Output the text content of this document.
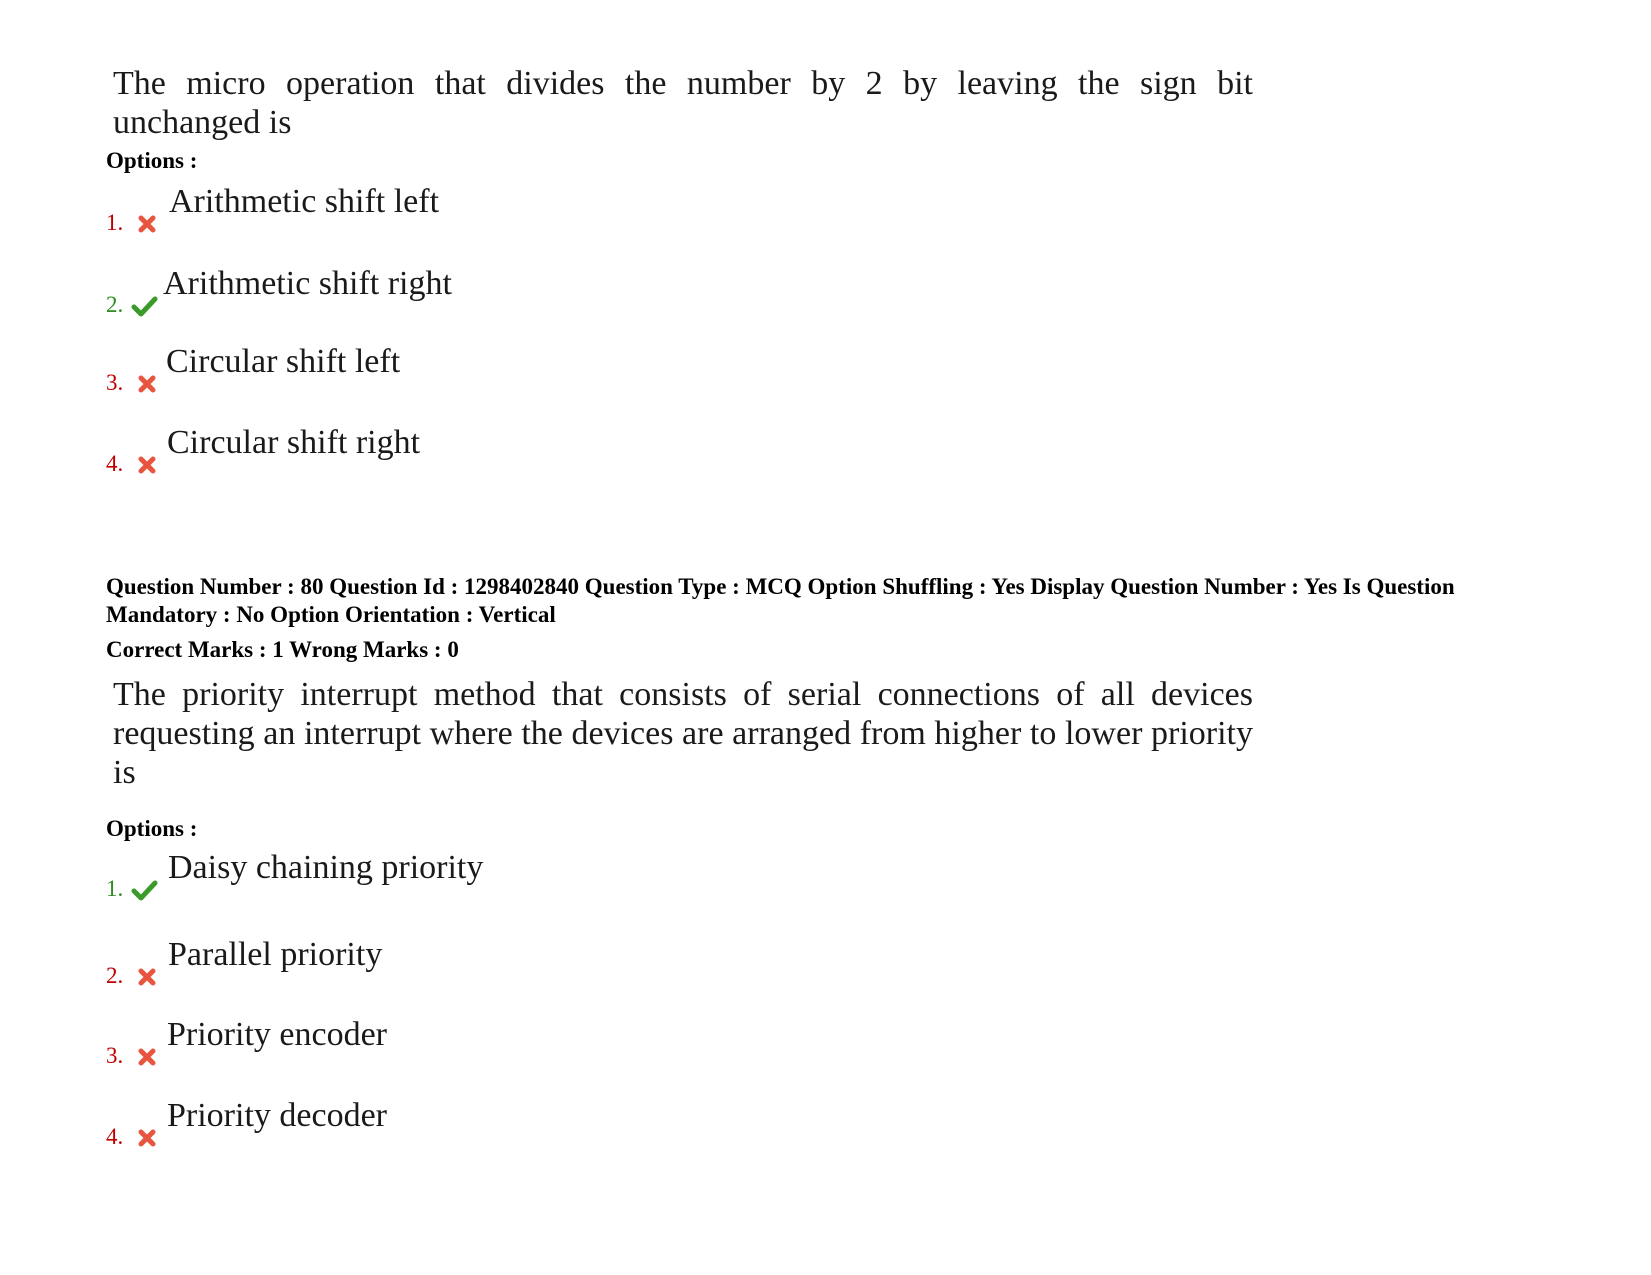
The micro operation that divides the number by 2 by leaving the sign bit unchanged is
Options :
1.
Arithmetic shift left
2.
Arithmetic shift right
3.
Circular shift left
4.
Circular shift right
Question Number : 80 Question Id : 1298402840 Question Type : MCQ Option Shuffling : Yes Display Question Number : Yes Is Question Mandatory : No Option Orientation : Vertical
Correct Marks : 1 Wrong Marks : 0
The priority interrupt method that consists of serial connections of all devices requesting an interrupt where the devices are arranged from higher to lower priority is
Options :
1.
Daisy chaining priority
2.
Parallel priority
3.
Priority encoder
4.
Priority decoder
